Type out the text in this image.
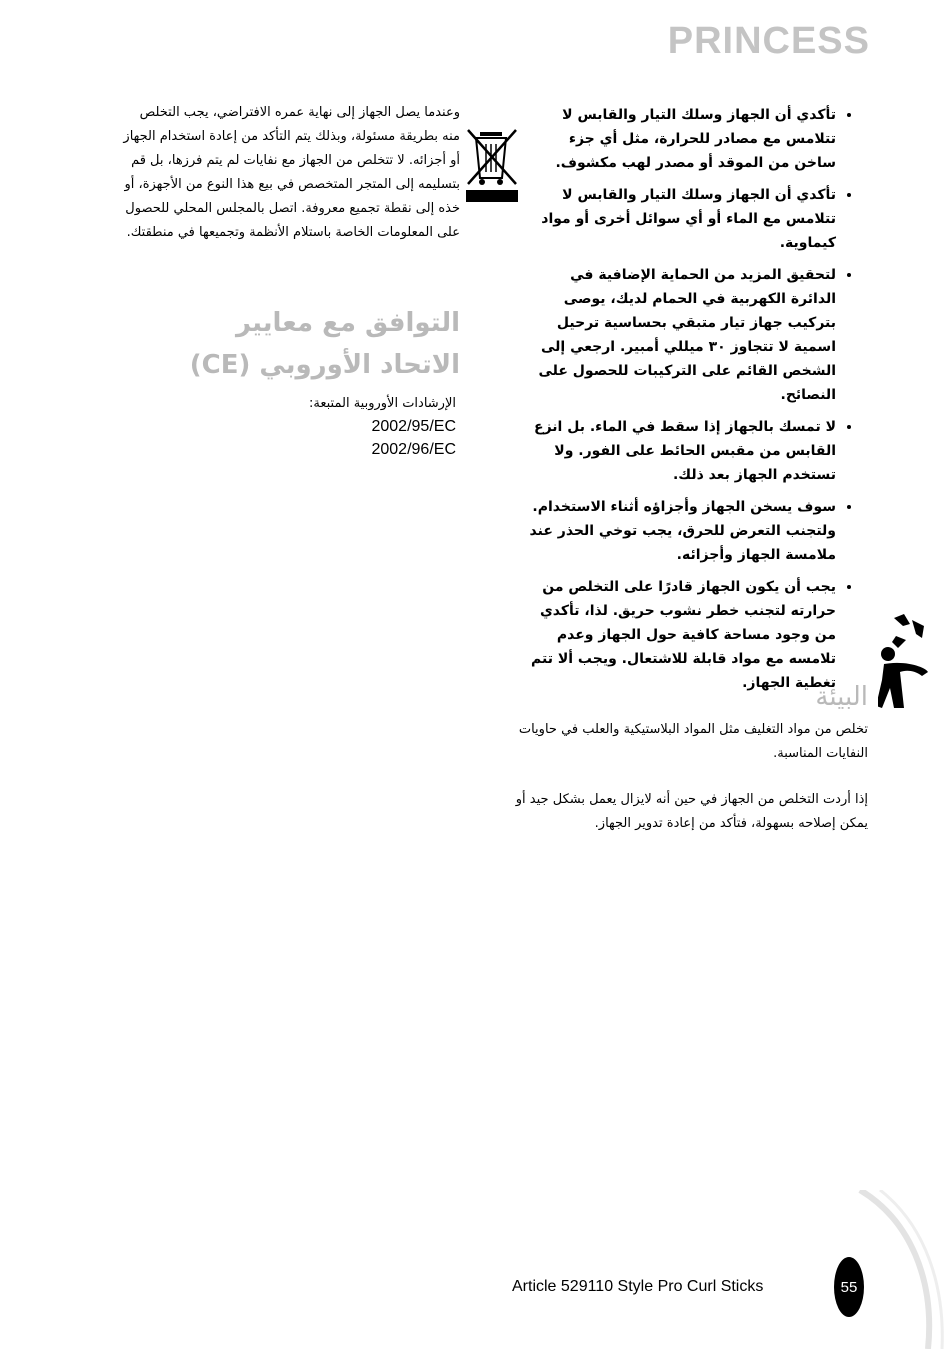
PRINCESS
• تأكدي أن الجهاز وسلك التيار والقابس لا تتلامس مع مصادر للحرارة، مثل أي جزء ساخن من الموقد أو مصدر لهب مكشوف.
• تأكدي أن الجهاز وسلك التيار والقابس لا تتلامس مع الماء أو أي سوائل أخرى أو مواد كيماوية.
• لتحقيق المزيد من الحماية الإضافية في الدائرة الكهربية في الحمام لديك، يوصى بتركيب جهاز تيار متبقي بحساسية ترحيل اسمية لا تتجاوز ٣٠ ميللي أمبير. ارجعي إلى الشخص القائم على التركيبات للحصول على النصائح.
• لا تمسك بالجهاز إذا سقط في الماء. بل انزع القابس من مقبس الحائط على الفور. ولا تستخدم الجهاز بعد ذلك.
• سوف يسخن الجهاز وأجزاؤه أثناء الاستخدام. ولتجنب التعرض للحرق، يجب توخي الحذر عند ملامسة الجهاز وأجزائه.
• يجب أن يكون الجهاز قادرًا على التخلص من حرارته لتجنب خطر نشوب حريق. لذا، تأكدي من وجود مساحة كافية حول الجهاز وعدم تلامسه مع مواد قابلة للاشتعال. ويجب ألا تتم تغطية الجهاز.
البيئة

تخلص من مواد التغليف مثل المواد البلاستيكية والعلب في حاويات النفايات المناسبة.

إذا أردت التخلص من الجهاز في حين أنه لايزال يعمل بشكل جيد أو يمكن إصلاحه بسهولة، فتأكد من إعادة تدوير الجهاز.

وعندما يصل الجهاز إلى نهاية عمره الافتراضي، يجب التخلص منه بطريقة مسئولة، وبذلك يتم التأكد من إعادة استخدام الجهاز أو أجزائه. لا تتخلص من الجهاز مع نفايات لم يتم فرزها، بل قم بتسليمه إلى المتجر المتخصص في بيع هذا النوع من الأجهزة، أو خذه إلى نقطة تجميع معروفة. اتصل بالمجلس المحلي للحصول على المعلومات الخاصة باستلام الأنظمة وتجميعها في منطقتك.

التوافق مع معايير الاتحاد الأوروبي (CE)
الإرشادات الأوروبية المتبعة:
2002/95/EC
2002/96/EC
Article 529110 Style Pro Curl Sticks	55
